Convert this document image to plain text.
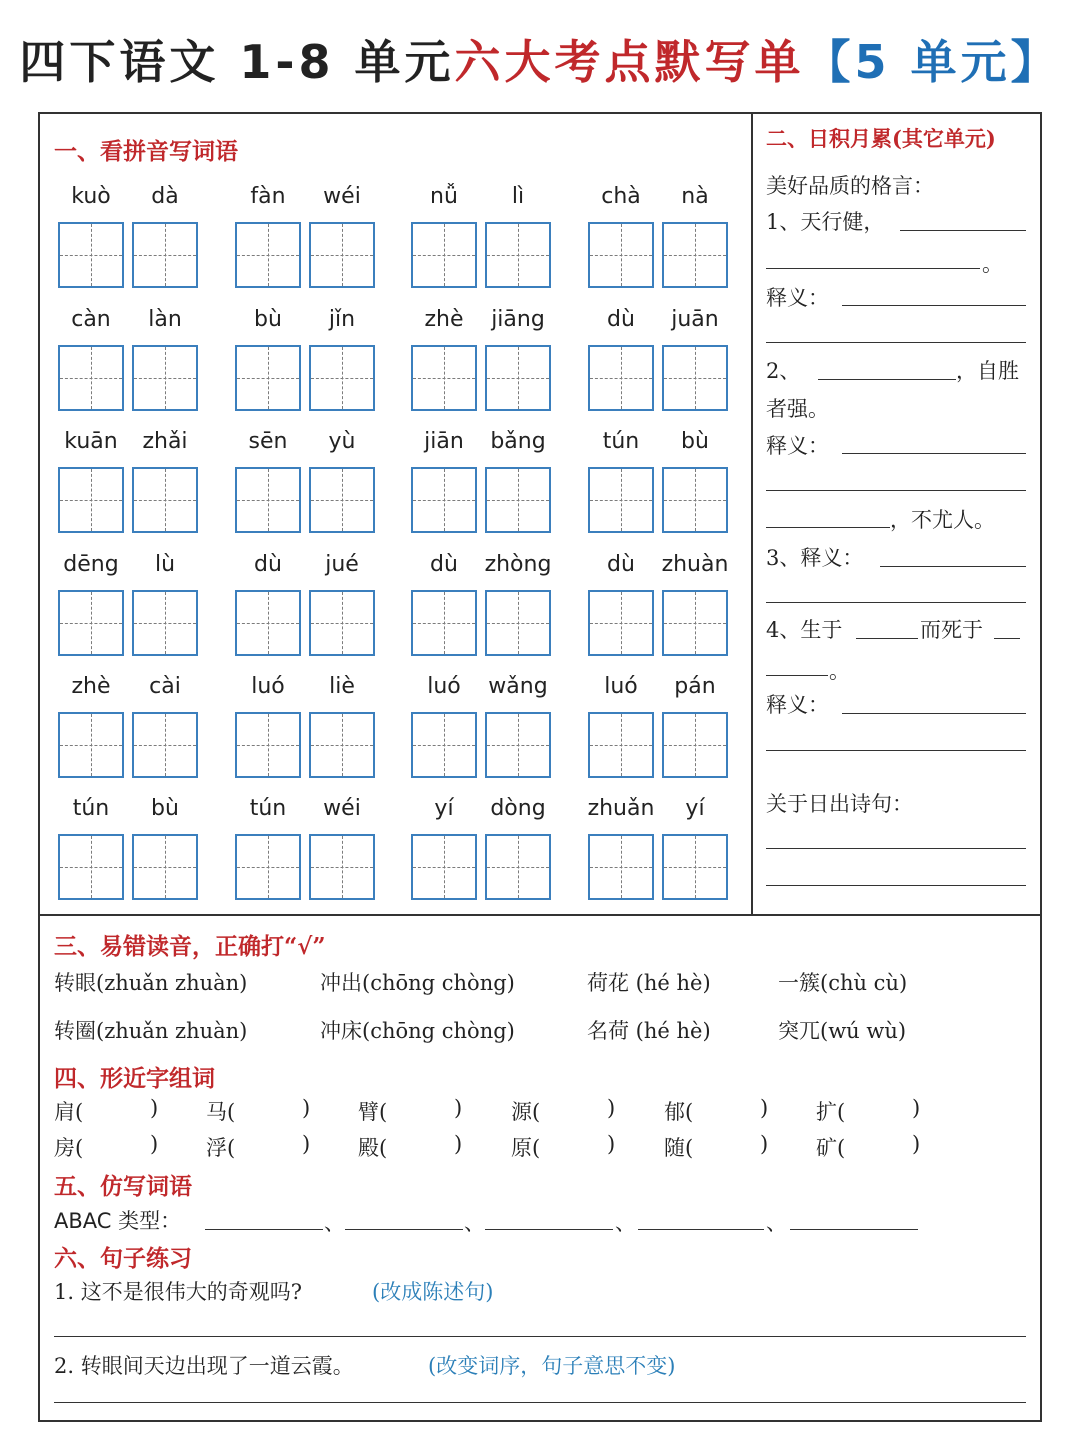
四下语文 1-8 单元六大考点默写单【5 单元】
一、看拼音写词语
kuò	dà	fàn	wéi	nǚ	lì	chà	nà
càn	làn	bù	jǐn	zhè	jiāng	dù	juān
kuān	zhǎi	sēn	yù	jiān	bǎng	tún	bù
dēng	lù	dù	jué	dù	zhòng	dù	zhuàn
zhè	cài	luó	liè	luó	wǎng	luó	pán
tún	bù	tún	wéi	yí	dòng	zhuǎn	yí
二、日积月累(其它单元)
美好品质的格言：
1、天行健，
。
释义：
2、	，自胜
者强。
释义：
，不尤人。
3、释义：
4、生于	而死于
。
释义：
关于日出诗句：
三、易错读音，正确打“√”
转眼(zhuǎn zhuàn)	冲出(chōng chòng)	荷花 (hé hè)	一簇(chù cù)
转圈(zhuǎn zhuàn)	冲床(chōng chòng)	名荷 (hé hè)	突兀(wú wù)
四、形近字组词
肩(	) 马(	) 臂(	) 源(	) 郁(	) 扩(	)
房(	) 浮(	) 殿(	) 原(	) 随(	) 矿(	)
五、仿写词语
ABAC 类型：	、	、	、	、
六、句子练习
1. 这不是很伟大的奇观吗?	(改成陈述句)
2. 转眼间天边出现了一道云霞。	(改变词序，句子意思不变)
